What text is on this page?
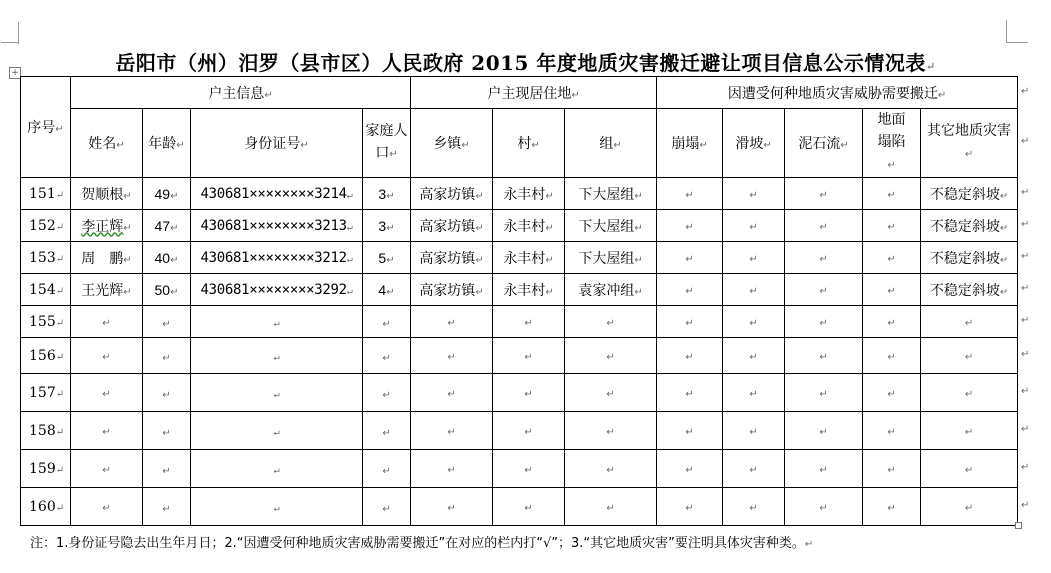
+	岳阳市（州）汨罗（县市区）人民政府 2015 年度地质灾害搬迁避让项目信息公示情况表↵
序号↵	户主信息↵				户主现居住地↵			因遭受何种地质灾害威胁需要搬迁↵				
	姓名↵	年龄↵	身份证号↵	家庭人口↵	乡镇↵	村↵	组↵	崩塌↵	滑坡↵	泥石流↵	地面塌陷↵	其它地质灾害↵
151↵	贺顺根↵	49↵	430681××××××××3214↵	3↵	高家坊镇↵	永丰村↵	下大屋组↵	↵	↵	↵	↵	不稳定斜坡↵
152↵	李正辉↵	47↵	430681××××××××3213↵	3↵	高家坊镇↵	永丰村↵	下大屋组↵	↵	↵	↵	↵	不稳定斜坡↵
153↵	周　鹏↵	40↵	430681××××××××3212↵	5↵	高家坊镇↵	永丰村↵	下大屋组↵	↵	↵	↵	↵	不稳定斜坡↵
154↵	王光辉↵	50↵	430681××××××××3292↵	4↵	高家坊镇↵	永丰村↵	袁家冲组↵	↵	↵	↵	↵	不稳定斜坡↵
155↵	↵	↵	↵	↵	↵	↵	↵	↵	↵	↵	↵	↵
156↵	↵	↵	↵	↵	↵	↵	↵	↵	↵	↵	↵	↵
157↵	↵	↵	↵	↵	↵	↵	↵	↵	↵	↵	↵	↵
158↵	↵	↵	↵	↵	↵	↵	↵	↵	↵	↵	↵	↵
159↵	↵	↵	↵	↵	↵	↵	↵	↵	↵	↵	↵	↵
160↵	↵	↵	↵	↵	↵	↵	↵	↵	↵	↵	↵	↵
注：1.身份证号隐去出生年月日；2.“因遭受何种地质灾害威胁需要搬迁”在对应的栏内打“√”；3.“其它地质灾害”要注明具体灾害种类。↵
↵
↵
↵
↵
↵
↵
↵
↵
↵
↵
↵
↵
